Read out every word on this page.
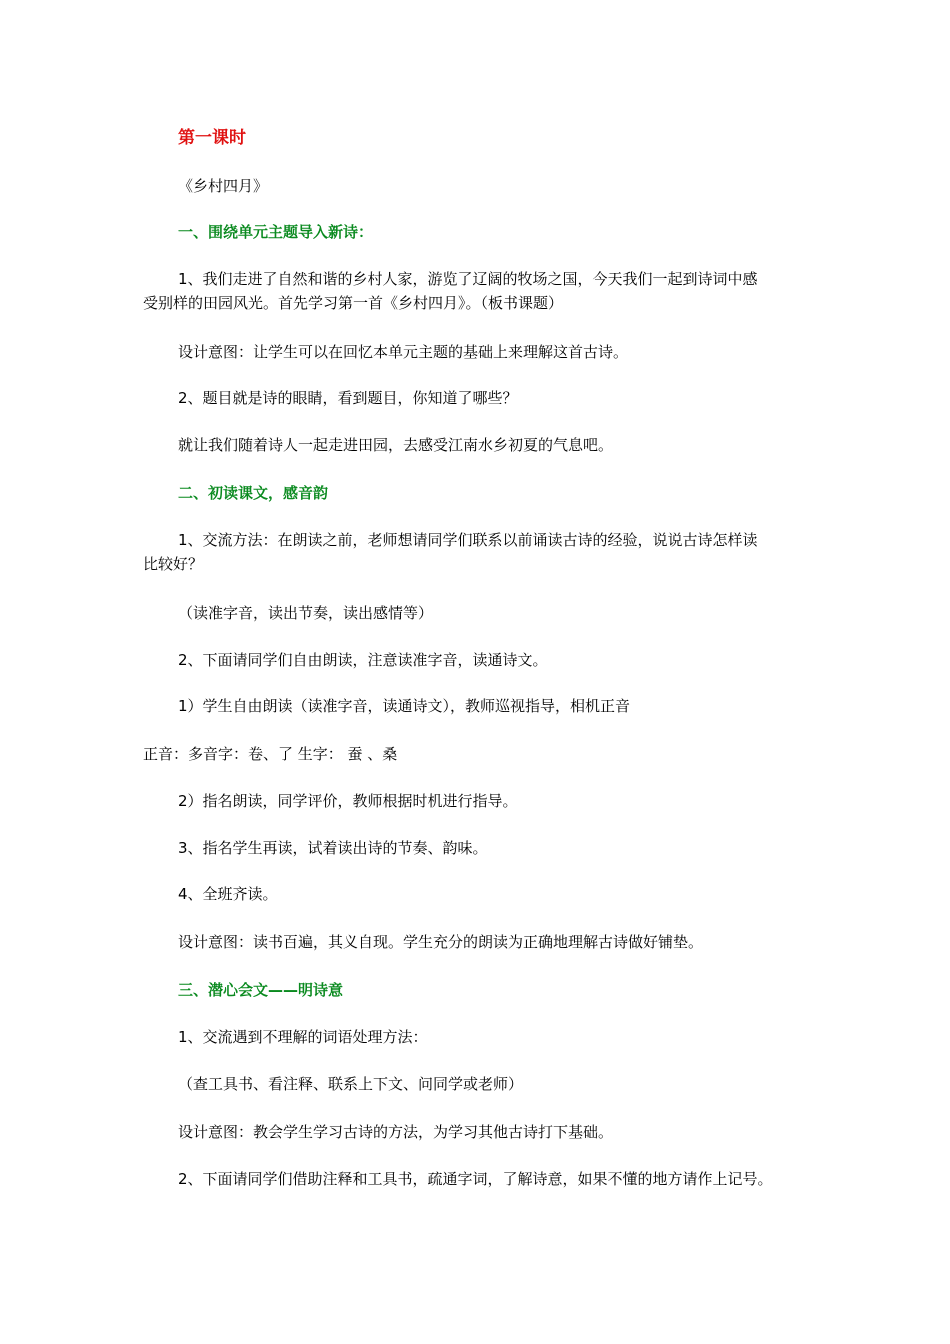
第一课时
《乡村四月》
一、围绕单元主题导入新诗：
1、我们走进了自然和谐的乡村人家，游览了辽阔的牧场之国，今天我们一起到诗词中感
受别样的田园风光。首先学习第一首《乡村四月》。（板书课题）
设计意图：让学生可以在回忆本单元主题的基础上来理解这首古诗。
2、题目就是诗的眼睛，看到题目，你知道了哪些？
就让我们随着诗人一起走进田园，去感受江南水乡初夏的气息吧。
二、初读课文，感音韵
1、交流方法：在朗读之前，老师想请同学们联系以前诵读古诗的经验，说说古诗怎样读
比较好？
（读准字音，读出节奏，读出感情等）
2、下面请同学们自由朗读，注意读准字音，读通诗文。
1）学生自由朗读（读准字音，读通诗文），教师巡视指导，相机正音
正音：多音字：卷、了 生字： 蚕 、桑
2）指名朗读，同学评价，教师根据时机进行指导。
3、指名学生再读，试着读出诗的节奏、韵味。
4、全班齐读。
设计意图：读书百遍，其义自现。学生充分的朗读为正确地理解古诗做好铺垫。
三、潜心会文——明诗意
1、交流遇到不理解的词语处理方法：
（查工具书、看注释、联系上下文、问同学或老师）
设计意图：教会学生学习古诗的方法，为学习其他古诗打下基础。
2、下面请同学们借助注释和工具书，疏通字词，了解诗意，如果不懂的地方请作上记号。
